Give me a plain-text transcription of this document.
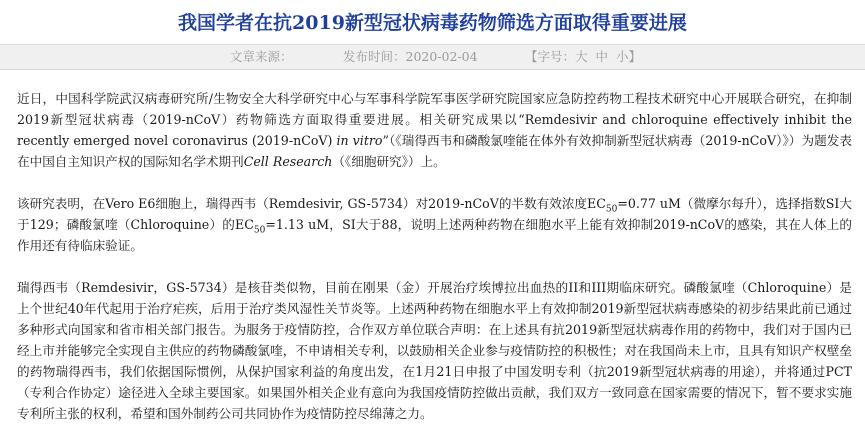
我国学者在抗2019新型冠状病毒药物筛选方面取得重要进展
文章来源：	发布时间：2020-02-04	【字号：大 中 小】

近日，中国科学院武汉病毒研究所/生物安全大科学研究中心与军事科学院军事医学研究院国家应急防控药物工程技术研究中心开展联合研究，在抑制2019新型冠状病毒（2019-nCoV）药物筛选方面取得重要进展。相关研究成果以“Remdesivir and chloroquine effectively inhibit the recently emerged novel coronavirus (2019-nCoV) in vitro”（《瑞得西韦和磷酸氯喹能在体外有效抑制新型冠状病毒（2019-nCoV）》）为题发表在中国自主知识产权的国际知名学术期刊Cell Research（《细胞研究》）上。

该研究表明，在Vero E6细胞上，瑞得西韦（Remdesivir, GS-5734）对2019-nCoV的半数有效浓度$EC_{50}=0.77$ uM（微摩尔每升），选择指数SI大于129；磷酸氯喹（Chloroquine）的$EC_{50}=1.13$ uM，SI大于88，说明上述两种药物在细胞水平上能有效抑制2019-nCoV的感染，其在人体上的作用还有待临床验证。

瑞得西韦（Remdesivir，GS-5734）是核苷类似物，目前在刚果（金）开展治疗埃博拉出血热的II和III期临床研究。磷酸氯喹（Chloroquine）是上个世纪40年代起用于治疗疟疾，后用于治疗类风湿性关节炎等。上述两种药物在细胞水平上有效抑制2019新型冠状病毒感染的初步结果此前已通过多种形式向国家和省市相关部门报告。为服务于疫情防控，合作双方单位联合声明：在上述具有抗2019新型冠状病毒作用的药物中，我们对于国内已经上市并能够完全实现自主供应的药物磷酸氯喹，不申请相关专利，以鼓励相关企业参与疫情防控的积极性；对在我国尚未上市，且具有知识产权壁垒的药物瑞得西韦，我们依据国际惯例，从保护国家利益的角度出发，在1月21日申报了中国发明专利（抗2019新型冠状病毒的用途），并将通过PCT（专利合作协定）途径进入全球主要国家。如果国外相关企业有意向为我国疫情防控做出贡献，我们双方一致同意在国家需要的情况下，暂不要求实施专利所主张的权利，希望和国外制药公司共同协作为疫情防控尽绵薄之力。
